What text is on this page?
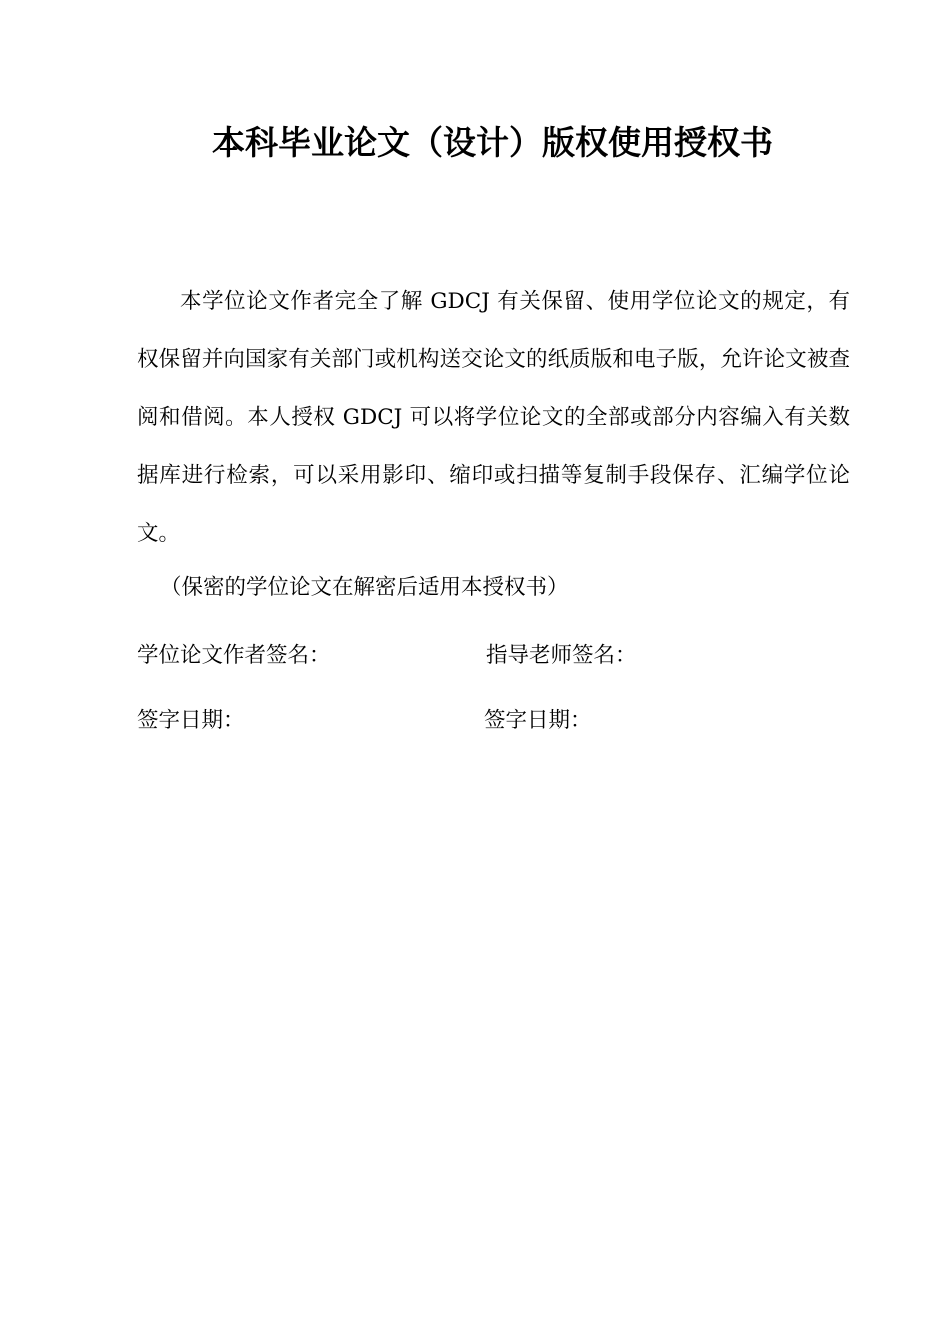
本科毕业论文（设计）版权使用授权书

本学位论文作者完全了解 GDCJ 有关保留、使用学位论文的规定，有权保留并向国家有关部门或机构送交论文的纸质版和电子版，允许论文被查阅和借阅。本人授权 GDCJ 可以将学位论文的全部或部分内容编入有关数据库进行检索，可以采用影印、缩印或扫描等复制手段保存、汇编学位论文。

（保密的学位论文在解密后适用本授权书）

学位论文作者签名：	指导老师签名：

签字日期：	签字日期：
